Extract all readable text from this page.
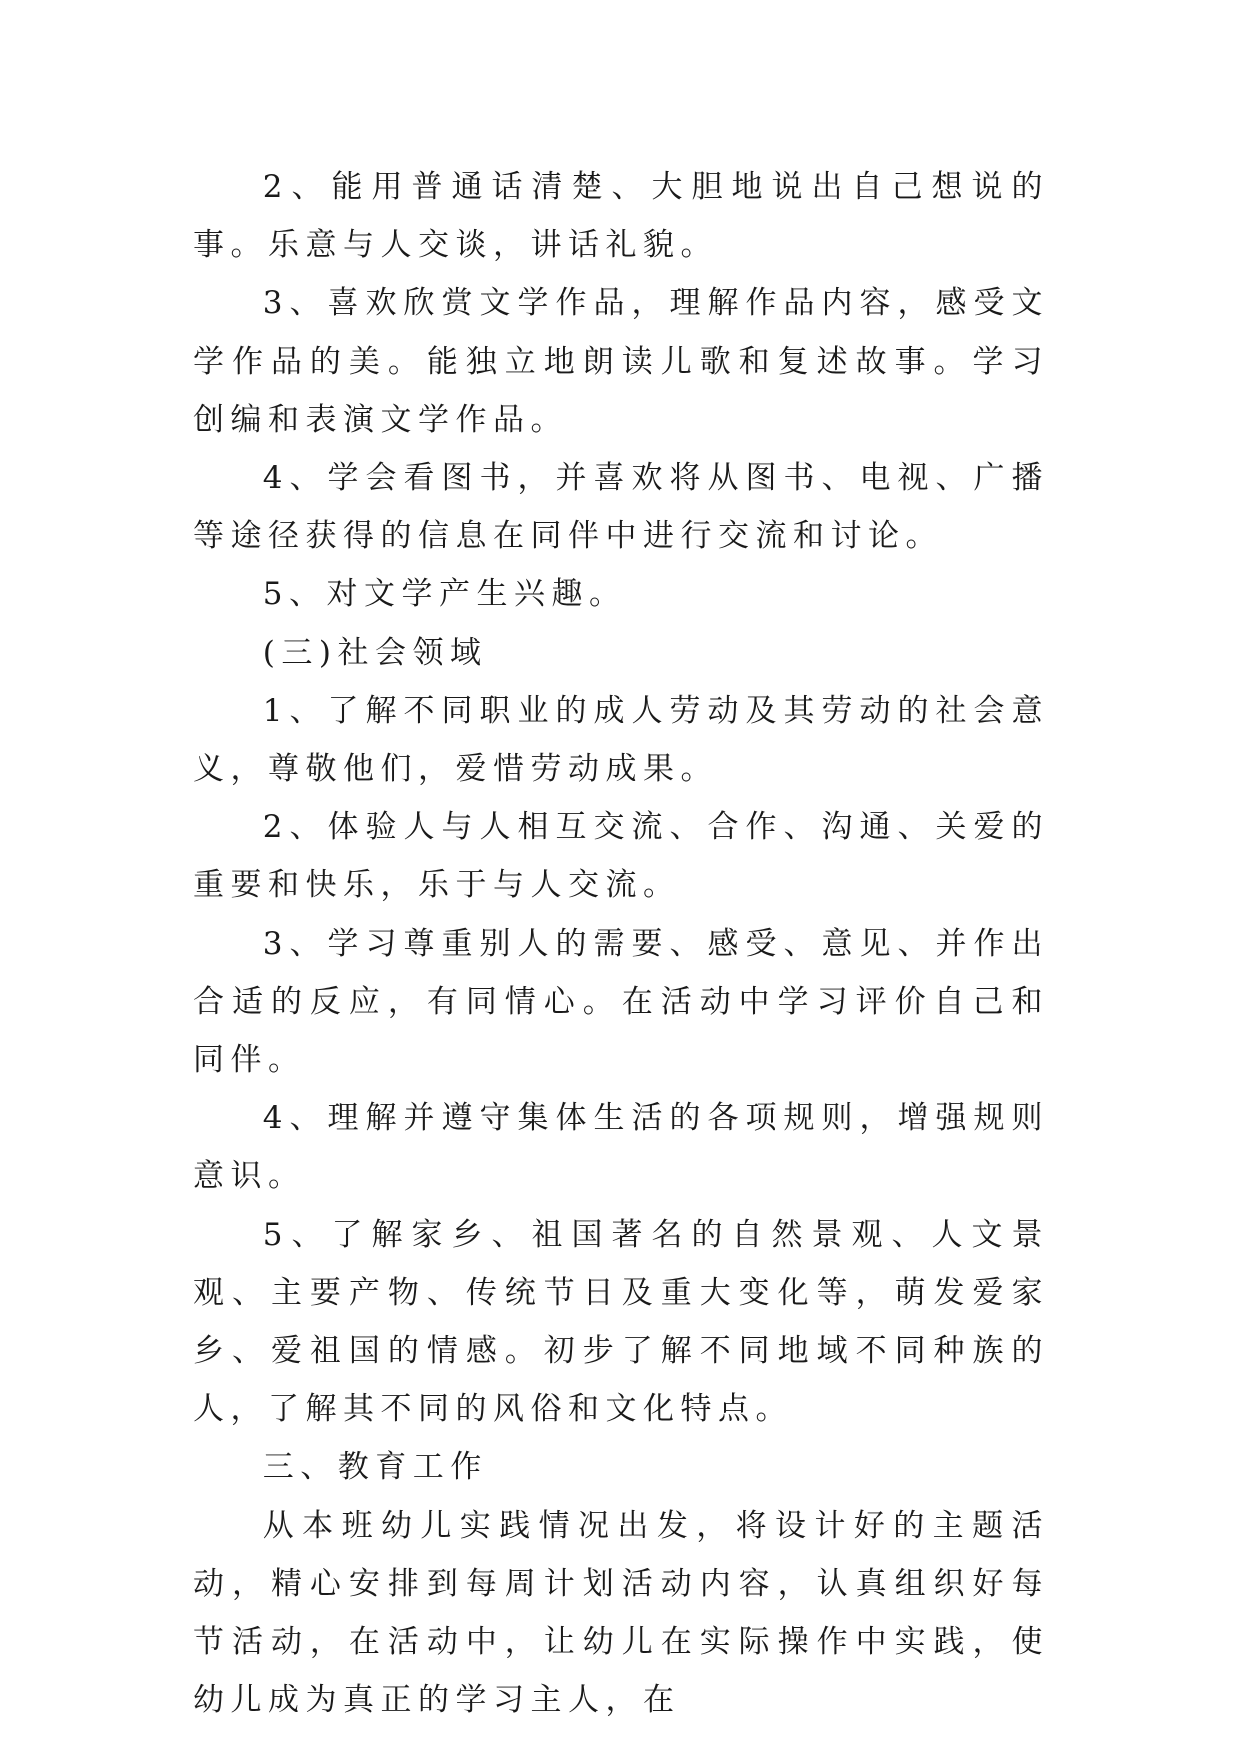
2、能用普通话清楚、大胆地说出自己想说的事。乐意与人交谈，讲话礼貌。

3、喜欢欣赏文学作品，理解作品内容，感受文学作品的美。能独立地朗读儿歌和复述故事。学习创编和表演文学作品。

4、学会看图书，并喜欢将从图书、电视、广播等途径获得的信息在同伴中进行交流和讨论。

5、对文学产生兴趣。

(三)社会领域

1、了解不同职业的成人劳动及其劳动的社会意义，尊敬他们，爱惜劳动成果。

2、体验人与人相互交流、合作、沟通、关爱的重要和快乐，乐于与人交流。

3、学习尊重别人的需要、感受、意见、并作出合适的反应，有同情心。在活动中学习评价自己和同伴。

4、理解并遵守集体生活的各项规则，增强规则意识。

5、了解家乡、祖国著名的自然景观、人文景观、主要产物、传统节日及重大变化等，萌发爱家乡、爱祖国的情感。初步了解不同地域不同种族的人，了解其不同的风俗和文化特点。

三、教育工作

从本班幼儿实践情况出发，将设计好的主题活动，精心安排到每周计划活动内容，认真组织好每节活动，在活动中，让幼儿在实际操作中实践，使幼儿成为真正的学习主人，在
